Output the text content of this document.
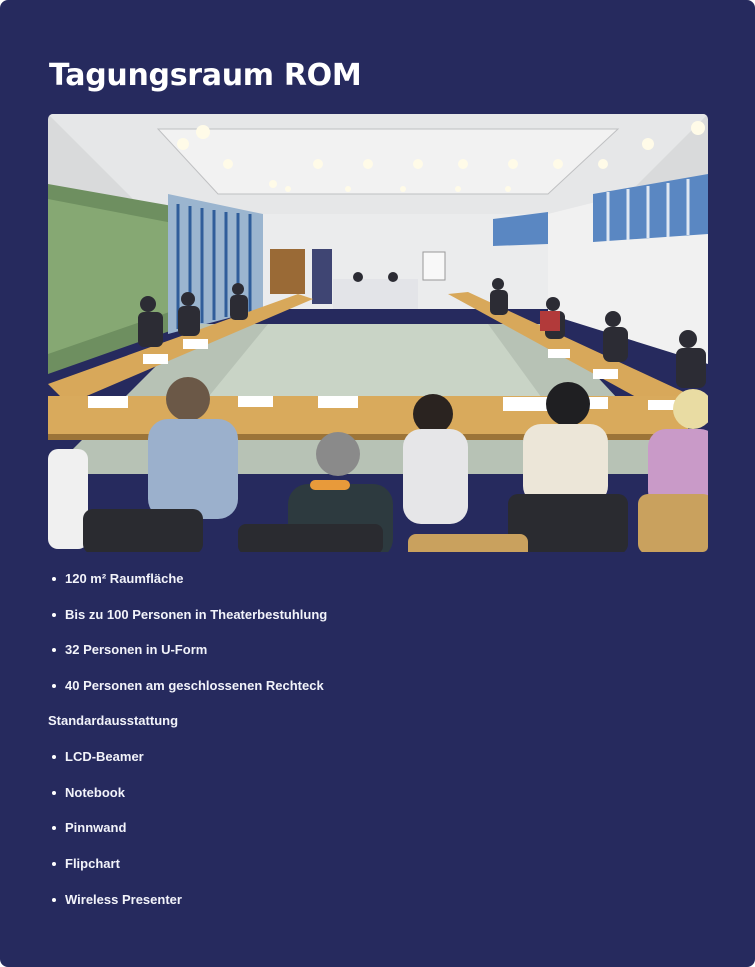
Tagungsraum ROM
120 m² Raumfläche
Bis zu 100 Personen in Theaterbestuhlung
32 Personen in U-Form
40 Personen am geschlossenen Rechteck
Standardausstattung
LCD-Beamer
Notebook
Pinnwand
Flipchart
Wireless Presenter
